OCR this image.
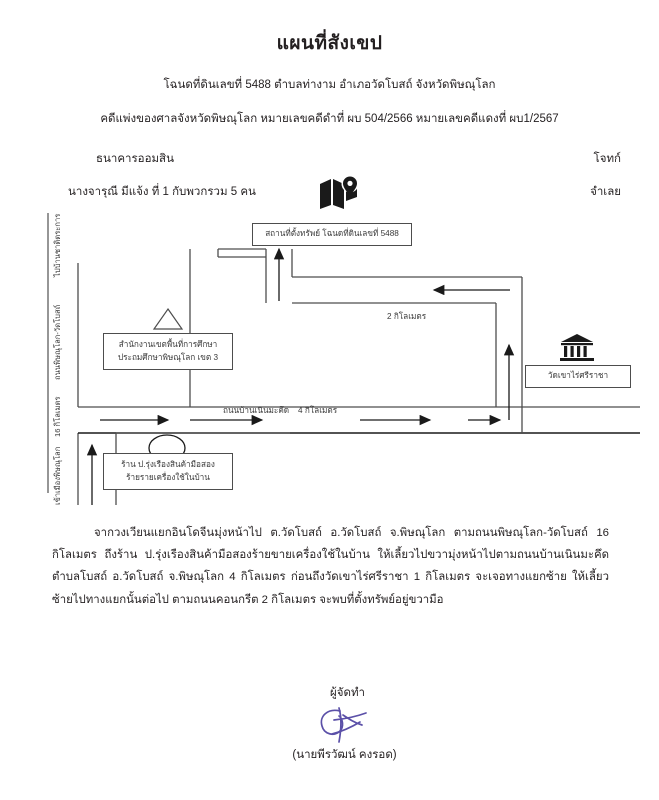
แผนที่สังเขป
โฉนดที่ดินเลขที่ 5488 ตำบลท่างาม อำเภอวัดโบสถ์ จังหวัดพิษณุโลก
คดีแพ่งของศาลจังหวัดพิษณุโลก หมายเลขคดีดำที่ ผบ 504/2566 หมายเลขคดีแดงที่ ผบ1/2567
ธนาคารออมสิน	โจทก์
นางจารุณี มีแจ้ง ที่ 1 กับพวกรวม 5 คน	จำเลย
สถานที่ตั้งทรัพย์ โฉนดที่ดินเลขที่ 5488
สำนักงานเขตพื้นที่การศึกษา
ประถมศึกษาพิษณุโลก เขต 3
ร้าน ป.รุ่งเรืองสินค้ามือสอง
ร้ายรายเครื่องใช้ในบ้าน
วัดเขาไร่ศรีราชา
ถนนบ้านเนินมะคึด 4 กิโลเมตร
2 กิโลเมตร
ไปบ้านชาติตระการ
ถนนพิษณุโลก-วัดโบสถ์
16 กิโลเมตร
เข้าเมืองพิษณุโลก
จากวงเวียนแยกอินโดจีนมุ่งหน้าไป ต.วัดโบสถ์ อ.วัดโบสถ์ จ.พิษณุโลก ตามถนนพิษณุโลก-วัดโบสถ์ 16 กิโลเมตร ถึงร้าน ป.รุ่งเรืองสินค้ามือสองร้ายขายเครื่องใช้ในบ้าน ให้เลี้ยวไปขวามุ่งหน้าไปตามถนนบ้านเนินมะคึด ตำบลโบสถ์ อ.วัดโบสถ์ จ.พิษณุโลก 4 กิโลเมตร ก่อนถึงวัดเขาไร่ศรีราชา 1 กิโลเมตร จะเจอทางแยกซ้าย ให้เลี้ยวซ้ายไปทางแยกนั้นต่อไป ตามถนนคอนกรีต 2 กิโลเมตร จะพบที่ตั้งทรัพย์อยู่ขวามือ
ผู้จัดทำ
(นายพีรวัฒน์ คงรอด)
